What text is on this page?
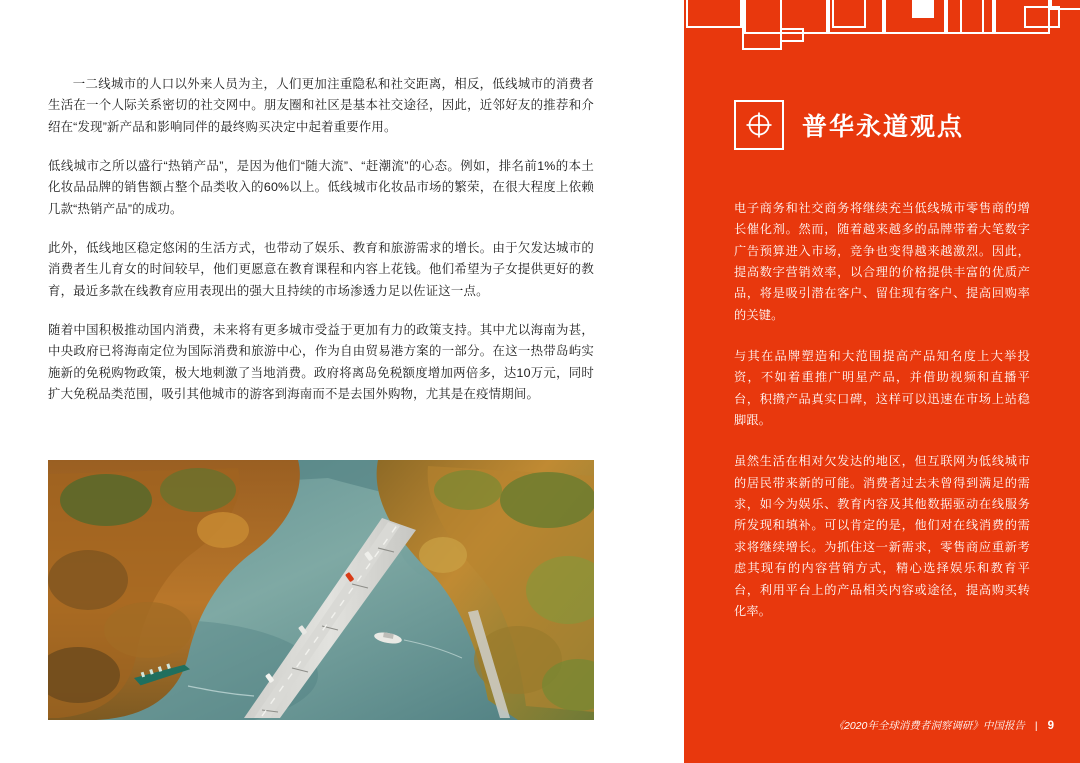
一二线城市的人口以外来人员为主，人们更加注重隐私和社交距离，相反，低线城市的消费者生活在一个人际关系密切的社交网中。朋友圈和社区是基本社交途径，因此，近邻好友的推荐和介绍在“发现”新产品和影响同伴的最终购买决定中起着重要作用。

低线城市之所以盛行“热销产品”，是因为他们“随大流”、“赶潮流”的心态。例如，排名前1%的本土化妆品品牌的销售额占整个品类收入的60%以上。低线城市化妆品市场的繁荣，在很大程度上依赖几款“热销产品”的成功。

此外，低线地区稳定悠闲的生活方式，也带动了娱乐、教育和旅游需求的增长。由于欠发达城市的消费者生儿育女的时间较早，他们更愿意在教育课程和内容上花钱。他们希望为子女提供更好的教育，最近多款在线教育应用表现出的强大且持续的市场渗透力足以佐证这一点。

随着中国积极推动国内消费，未来将有更多城市受益于更加有力的政策支持。其中尤以海南为甚，中央政府已将海南定位为国际消费和旅游中心，作为自由贸易港方案的一部分。在这一热带岛屿实施新的免税购物政策，极大地刺激了当地消费。政府将离岛免税额度增加两倍多，达10万元，同时扩大免税品类范围，吸引其他城市的游客到海南而不是去国外购物，尤其是在疫情期间。

普华永道观点

电子商务和社交商务将继续充当低线城市零售商的增长催化剂。然而，随着越来越多的品牌带着大笔数字广告预算进入市场，竞争也变得越来越激烈。因此，提高数字营销效率，以合理的价格提供丰富的优质产品，将是吸引潜在客户、留住现有客户、提高回购率的关键。

与其在品牌塑造和大范围提高产品知名度上大举投资，不如着重推广明星产品，并借助视频和直播平台，积攒产品真实口碑，这样可以迅速在市场上站稳脚跟。

虽然生活在相对欠发达的地区，但互联网为低线城市的居民带来新的可能。消费者过去未曾得到满足的需求，如今为娱乐、教育内容及其他数据驱动在线服务所发现和填补。可以肯定的是，他们对在线消费的需求将继续增长。为抓住这一新需求，零售商应重新考虑其现有的内容营销方式，精心选择娱乐和教育平台，利用平台上的产品相关内容或途径，提高购买转化率。

《2020年全球消费者洞察调研》中国报告 | 9
